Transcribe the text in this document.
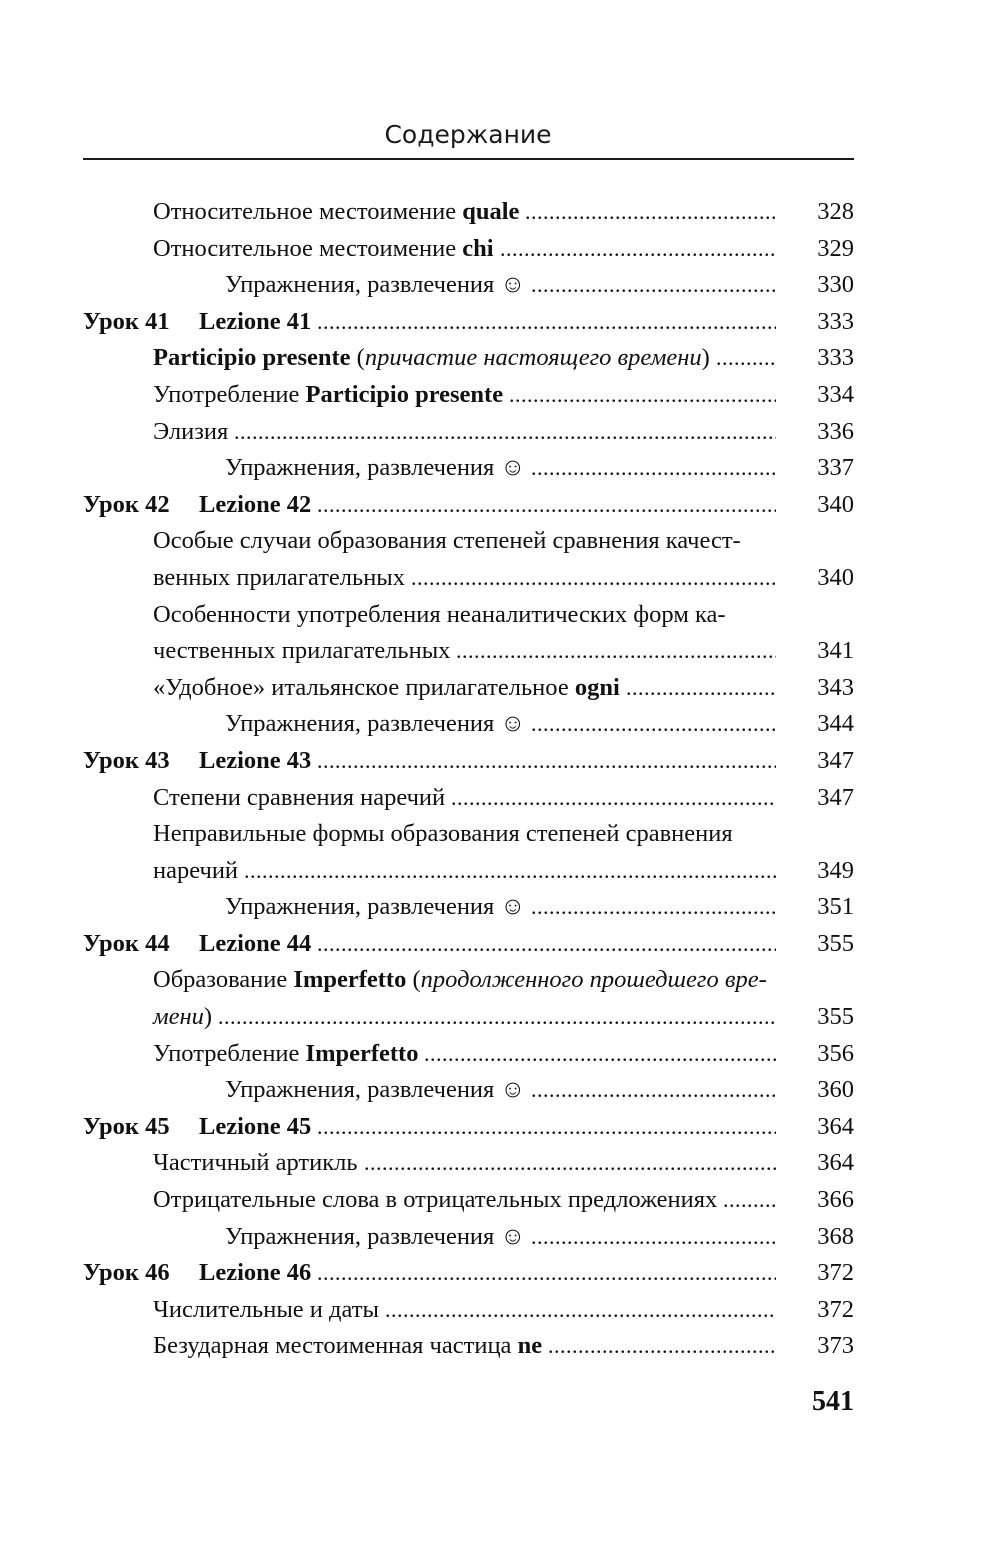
Содержание
.....
Относительное местоимение quale	328
.....
Относительное местоимение chi	329
.....
Упражнения, развлечения ☺	330
.....
Урок 41 Lezione 41	333
.....
Participio presente (причастие настоящего времени)	333
.....
Употребление Participio presente	334
.....
Элизия	336
.....
Упражнения, развлечения ☺	337
.....
Урок 42 Lezione 42	340
Особые случаи образования степеней сравнения качест-
.....
венных прилагательных	340
Особенности употребления неаналитических форм ка-
.....
чественных прилагательных	341
.....
«Удобное» итальянское прилагательное ogni	343
.....
Упражнения, развлечения ☺	344
.....
Урок 43 Lezione 43	347
.....
Степени сравнения наречий	347
Неправильные формы образования степеней сравнения
.....
наречий	349
.....
Упражнения, развлечения ☺	351
.....
Урок 44 Lezione 44	355
Образование Imperfetto (продолженного прошедшего вре-
.....
мени)	355
.....
Употребление Imperfetto	356
.....
Упражнения, развлечения ☺	360
.....
Урок 45 Lezione 45	364
.....
Частичный артикль	364
.....
Отрицательные слова в отрицательных предложениях	366
.....
Упражнения, развлечения ☺	368
.....
Урок 46 Lezione 46	372
.....
Числительные и даты	372
.....
Безударная местоименная частица ne	373
541
